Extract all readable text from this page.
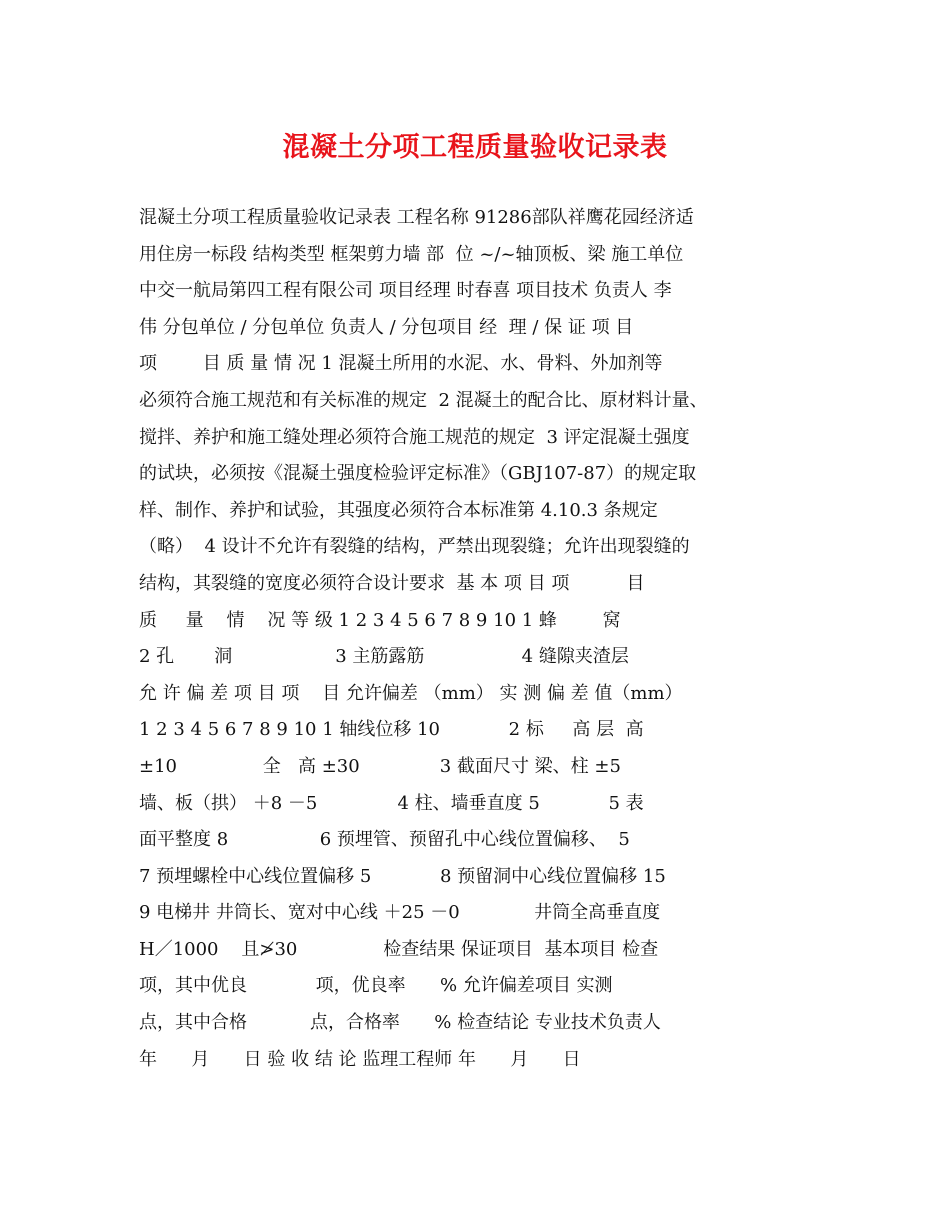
混凝土分项工程质量验收记录表
混凝土分项工程质量验收记录表 工程名称 91286部队祥鹰花园经济适
用住房一标段 结构类型 框架剪力墙 部  位 ~/~轴顶板、梁 施工单位
中交一航局第四工程有限公司 项目经理 时春喜 项目技术 负责人 李
伟 分包单位 / 分包单位 负责人 / 分包项目 经  理 / 保 证 项 目
项        目 质 量 情 况 1 混凝土所用的水泥、水、骨料、外加剂等
必须符合施工规范和有关标准的规定  2 混凝土的配合比、原材料计量、
搅拌、养护和施工缝处理必须符合施工规范的规定  3 评定混凝土强度
的试块，必须按《混凝土强度检验评定标准》（GBJ107-87）的规定取
样、制作、养护和试验，其强度必须符合本标准第 4.10.3 条规定
（略）  4 设计不允许有裂缝的结构，严禁出现裂缝；允许出现裂缝的
结构，其裂缝的宽度必须符合设计要求  基 本 项 目 项          目
质     量    情    况 等 级 1 2 3 4 5 6 7 8 9 10 1 蜂        窝
2 孔       洞                  3 主筋露筋                 4 缝隙夹渣层
允 许 偏 差 项 目 项    目 允许偏差 （mm） 实 测 偏 差 值（mm）
1 2 3 4 5 6 7 8 9 10 1 轴线位移 10            2 标     高 层  高
±10               全   高 ±30              3 截面尺寸 梁、柱 ±5
墙、板（拱） ＋8 －5              4 柱、墙垂直度 5            5 表
面平整度 8                6 预埋管、预留孔中心线位置偏移、  5
7 预埋螺栓中心线位置偏移 5            8 预留洞中心线位置偏移 15
9 电梯井 井筒长、宽对中心线 ＋25 －0             井筒全高垂直度
H／1000    且≯30               检查结果 保证项目  基本项目 检查
项，其中优良            项，优良率      % 允许偏差项目 实测
点，其中合格           点，合格率      % 检查结论 专业技术负责人
年      月      日 验 收 结 论 监理工程师 年      月      日
